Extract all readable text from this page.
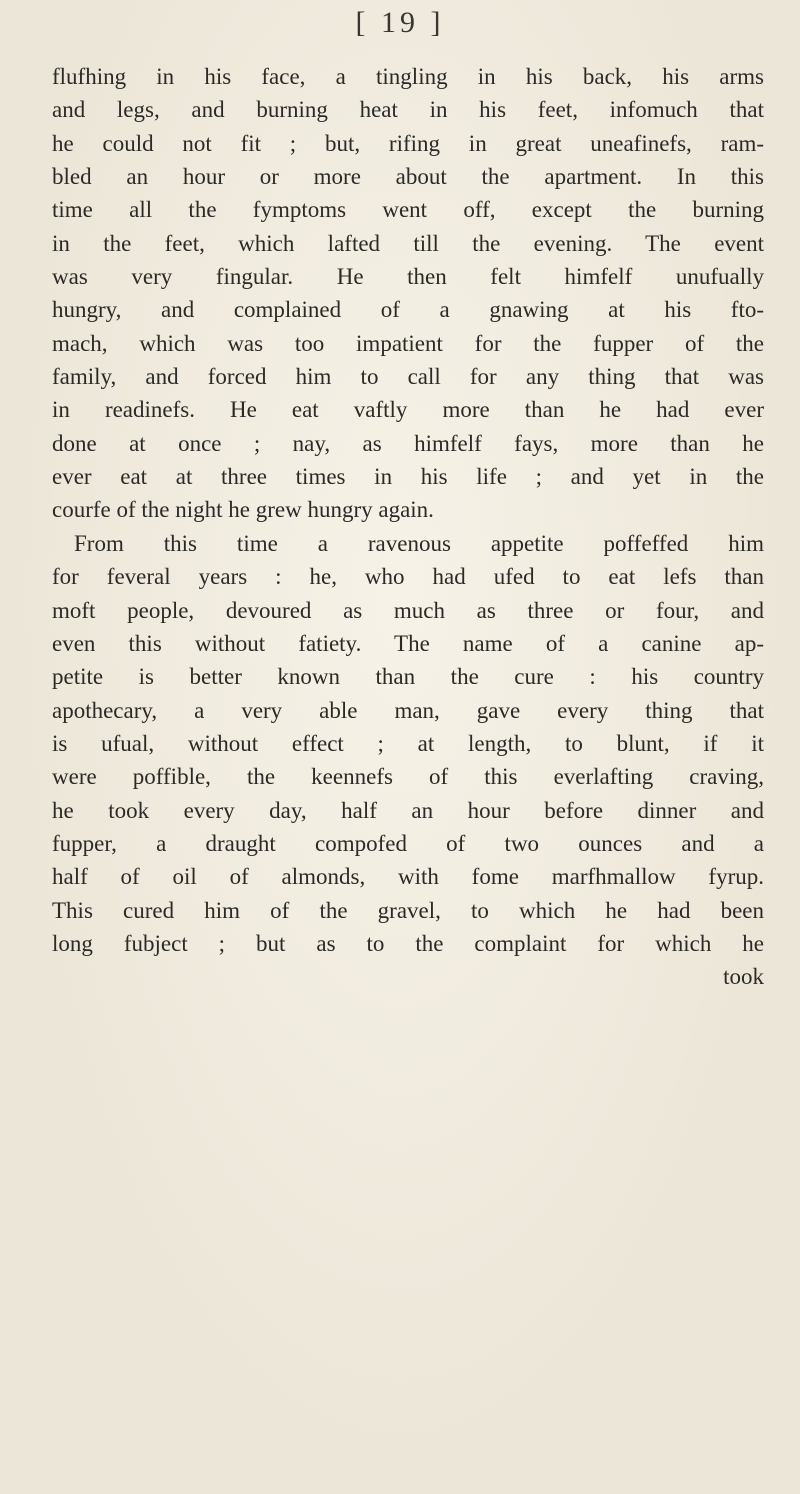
[ 19 ]
flufhing in his face, a tingling in his back, his arms
and legs, and burning heat in his feet, infomuch that
he could not fit ; but, rifing in great uneafinefs, ram-
bled an hour or more about the apartment. In this
time all the fymptoms went off, except the burning
in the feet, which lafted till the evening. The event
was very fingular. He then felt himfelf unufually
hungry, and complained of a gnawing at his fto-
mach, which was too impatient for the fupper of the
family, and forced him to call for any thing that was
in readinefs. He eat vaftly more than he had ever
done at once ; nay, as himfelf fays, more than he
ever eat at three times in his life ; and yet in the
courfe of the night he grew hungry again.
From this time a ravenous appetite poffeffed him
for feveral years : he, who had ufed to eat lefs than
moft people, devoured as much as three or four, and
even this without fatiety. The name of a canine ap-
petite is better known than the cure : his country
apothecary, a very able man, gave every thing that
is ufual, without effect ; at length, to blunt, if it
were poffible, the keennefs of this everlafting craving,
he took every day, half an hour before dinner and
fupper, a draught compofed of two ounces and a
half of oil of almonds, with fome marfhmallow fyrup.
This cured him of the gravel, to which he had been
long fubject ; but as to the complaint for which he
took
